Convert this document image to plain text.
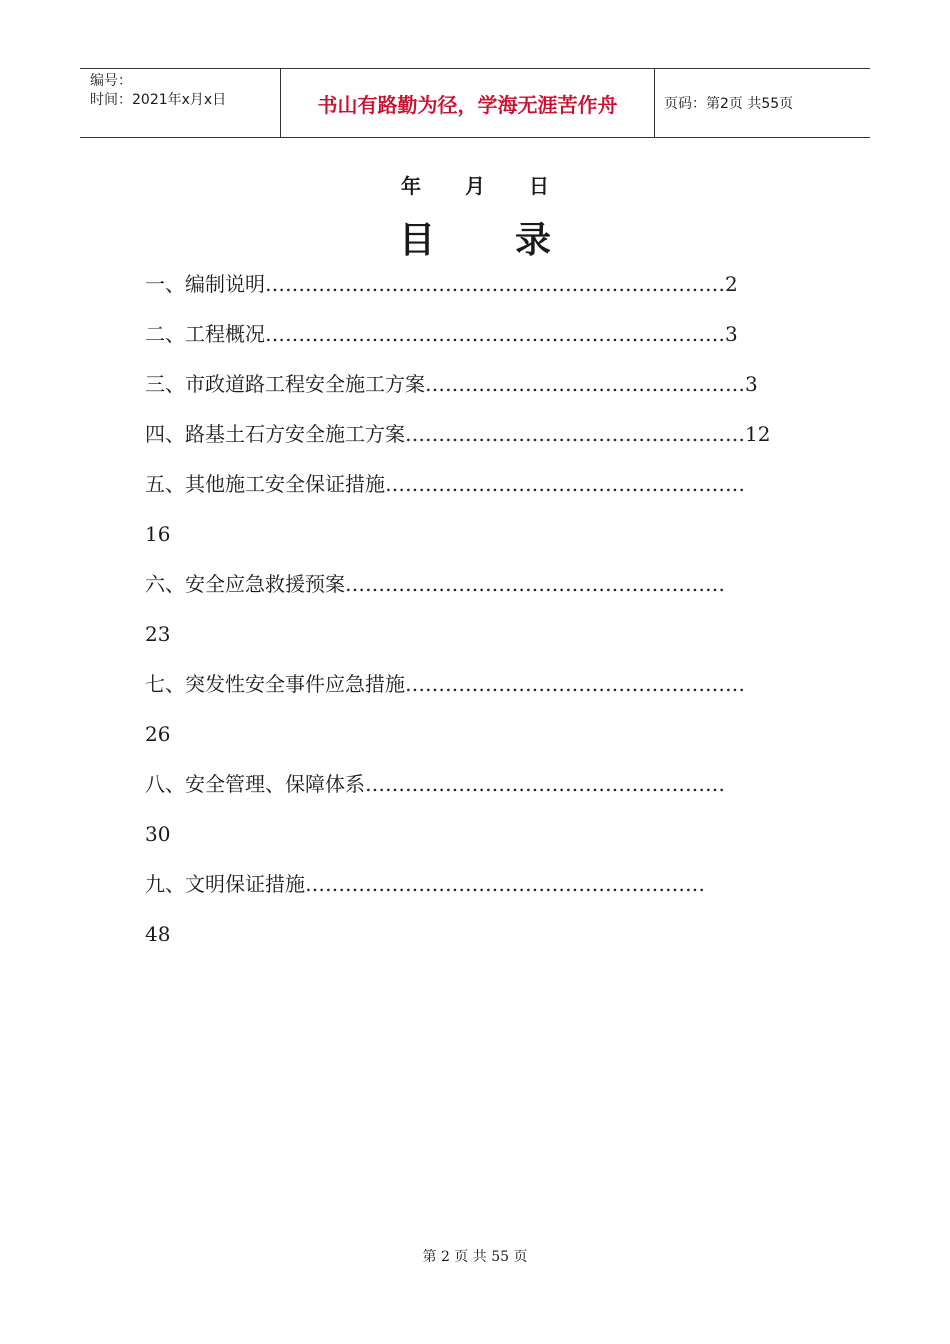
编号：
时间：2021年x月x日	书山有路勤为径，学海无涯苦作舟	页码：第2页 共55页
年 月 日
目 录
一、编制说明……………………………………………………………2
二、工程概况……………………………………………………………3
三、市政道路工程安全施工方案…………………………………………3
四、路基土石方安全施工方案……………………………………………12
五、其他施工安全保证措施………………………………………………
16
六、安全应急救援预案…………………………………………………
23
七、突发性安全事件应急措施……………………………………………
26
八、安全管理、保障体系………………………………………………
30
九、文明保证措施……………………………………………………
48
第 2 页 共 55 页
